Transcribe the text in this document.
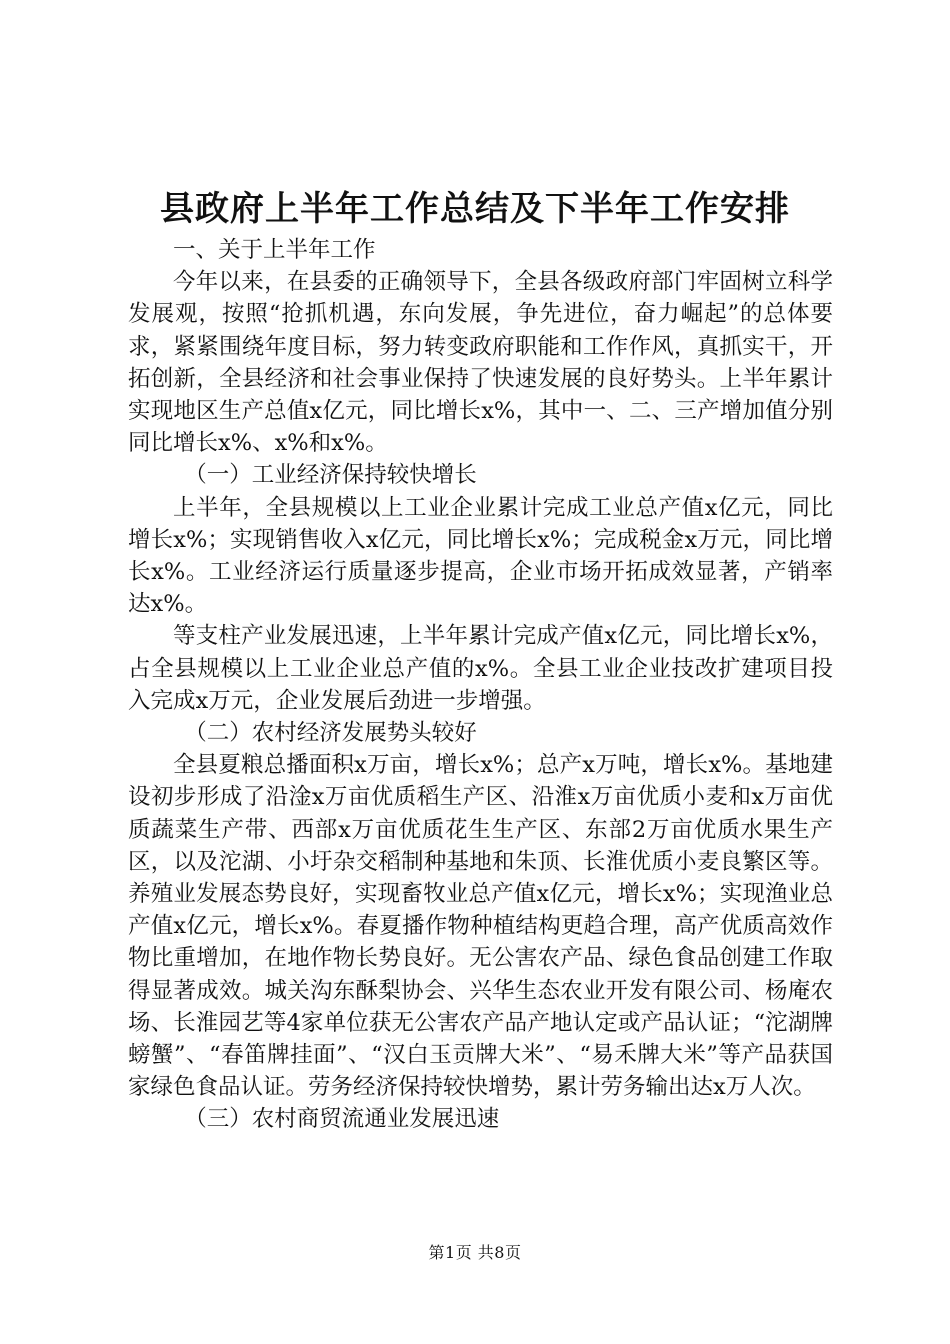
县政府上半年工作总结及下半年工作安排

一、关于上半年工作

今年以来，在县委的正确领导下，全县各级政府部门牢固树立科学发展观，按照“抢抓机遇，东向发展，争先进位，奋力崛起”的总体要求，紧紧围绕年度目标，努力转变政府职能和工作作风，真抓实干，开拓创新，全县经济和社会事业保持了快速发展的良好势头。上半年累计实现地区生产总值x亿元，同比增长x%，其中一、二、三产增加值分别同比增长x%、x%和x%。

（一）工业经济保持较快增长

上半年，全县规模以上工业企业累计完成工业总产值x亿元，同比增长x%；实现销售收入x亿元，同比增长x%；完成税金x万元，同比增长x%。工业经济运行质量逐步提高，企业市场开拓成效显著，产销率达x%。

等支柱产业发展迅速，上半年累计完成产值x亿元，同比增长x%，占全县规模以上工业企业总产值的x%。全县工业企业技改扩建项目投入完成x万元，企业发展后劲进一步增强。

（二）农村经济发展势头较好

全县夏粮总播面积x万亩，增长x%；总产x万吨，增长x%。基地建设初步形成了沿淦x万亩优质稻生产区、沿淮x万亩优质小麦和x万亩优质蔬菜生产带、西部x万亩优质花生生产区、东部2万亩优质水果生产区，以及沱湖、小圩杂交稻制种基地和朱顶、长淮优质小麦良繁区等。养殖业发展态势良好，实现畜牧业总产值x亿元，增长x%；实现渔业总产值x亿元，增长x%。春夏播作物种植结构更趋合理，高产优质高效作物比重增加，在地作物长势良好。无公害农产品、绿色食品创建工作取得显著成效。城关沟东酥梨协会、兴华生态农业开发有限公司、杨庵农场、长淮园艺等4家单位获无公害农产品产地认定或产品认证；“沱湖牌螃蟹”、“春笛牌挂面”、“汉白玉贡牌大米”、“易禾牌大米”等产品获国家绿色食品认证。劳务经济保持较快增势，累计劳务输出达x万人次。

（三）农村商贸流通业发展迅速

第1页 共8页
